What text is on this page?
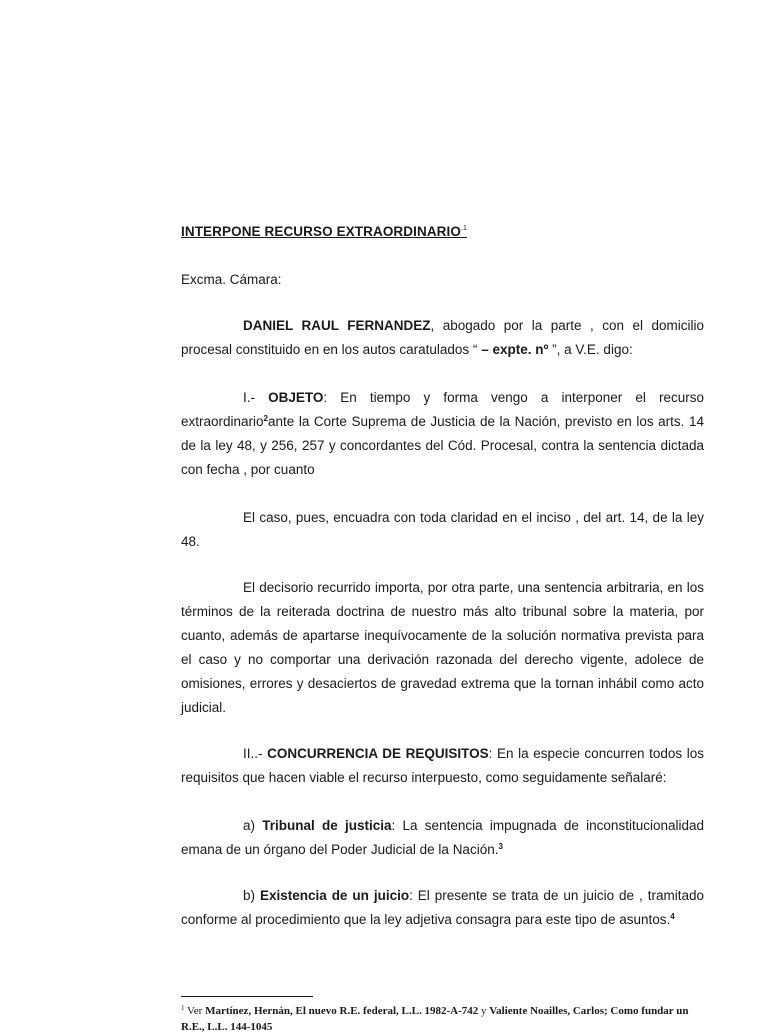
INTERPONE RECURSO $EXTRAORDINARIO^{.1}$
Excma. Cámara:
DANIEL RAUL FERNANDEZ, abogado por la parte , con el domicilio procesal constituido en en los autos caratulados “ – expte. nº ”, a V.E. digo:
I.- OBJETO: En tiempo y forma vengo a interponer el recurso extraordinario$^2$ante la Corte Suprema de Justicia de la Nación, previsto en los arts. 14 de la ley 48, y 256, 257 y concordantes del Cód. Procesal, contra la sentencia dictada con fecha , por cuanto
El caso, pues, encuadra con toda claridad en el inciso , del art. 14, de la ley 48.
El decisorio recurrido importa, por otra parte, una sentencia arbitraria, en los términos de la reiterada doctrina de nuestro más alto tribunal sobre la materia, por cuanto, además de apartarse inequívocamente de la solución normativa prevista para el caso y no comportar una derivación razonada del derecho vigente, adolece de omisiones, errores y desaciertos de gravedad extrema que la tornan inhábil como acto judicial.
II..- CONCURRENCIA DE REQUISITOS: En la especie concurren todos los requisitos que hacen viable el recurso interpuesto, como seguidamente señalaré:
a) Tribunal de justicia: La sentencia impugnada de inconstitucionalidad emana de un órgano del Poder Judicial de la Nación.$^3$
b) Existencia de un juicio: El presente se trata de un juicio de , tramitado conforme al procedimiento que la ley adjetiva consagra para este tipo de asuntos.$^4$
$^1$ Ver Martínez, Hernán, El nuevo R.E. federal, L.L. 1982-A-742 y Valiente Noailles, Carlos; Como fundar un R.E., L.L. 144-1045
